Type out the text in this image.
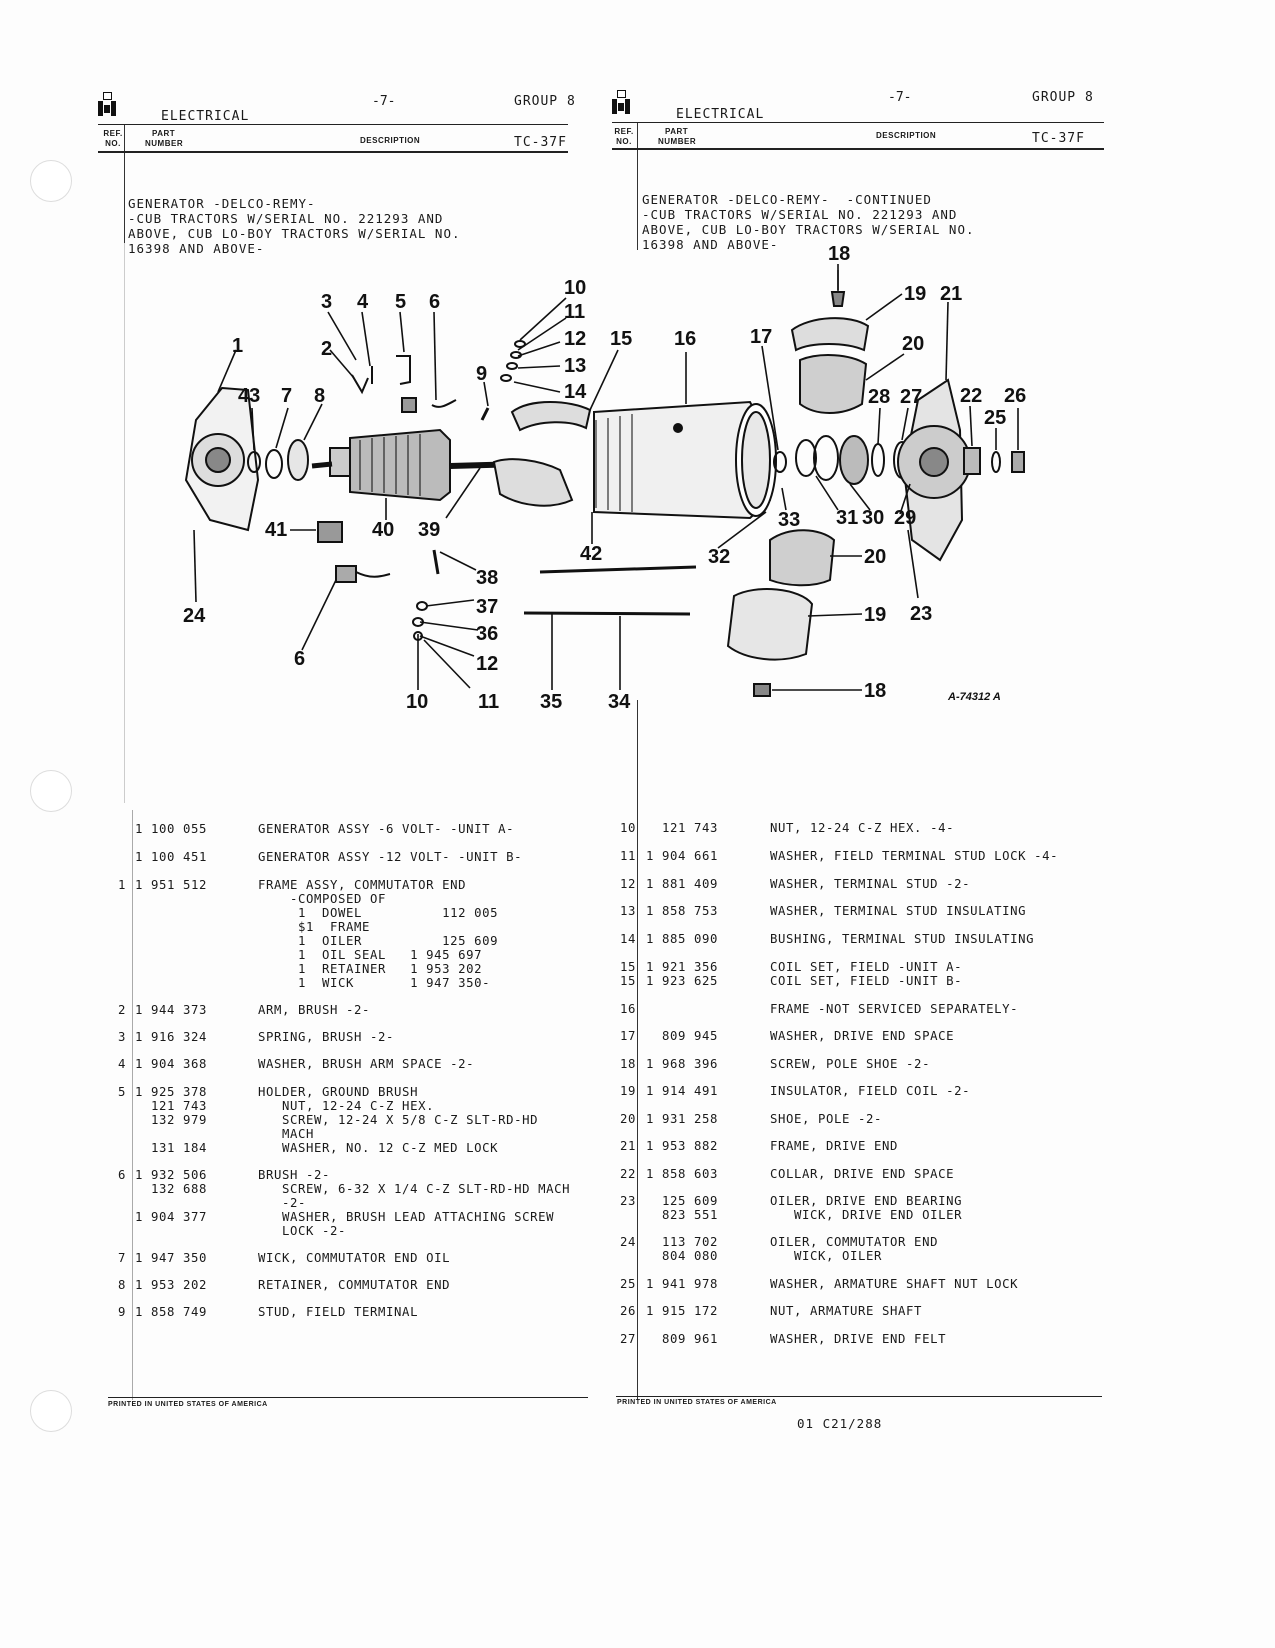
ELECTRICAL
-7-	GROUP 8
REF.
NO.
PART
NUMBER	DESCRIPTION	TC-37F
ELECTRICAL
-7-	GROUP 8
REF.
NO.
PART
NUMBER
DESCRIPTION	TC-37F

GENERATOR -DELCO-REMY-
-CUB TRACTORS W/SERIAL NO. 221293 AND
ABOVE, CUB LO-BOY TRACTORS W/SERIAL NO.
16398 AND ABOVE-

GENERATOR -DELCO-REMY-  -CONTINUED
-CUB TRACTORS W/SERIAL NO. 221293 AND
ABOVE, CUB LO-BOY TRACTORS W/SERIAL NO.
16398 AND ABOVE-

1	2
3 4 5 6
6
7 8
9
10
10
11
11
12
12
13
14
15 16	17
18
18
19
19
20
20
21
22
23
24
25
26
27
28
29
30
31
32
33
34
35
36
37
38
39
40
41
42
43
A-74312 A
1 100 055	GENERATOR ASSY -6 VOLT- -UNIT A-
1 100 451	GENERATOR ASSY -12 VOLT- -UNIT B-
1 1 951 512	FRAME ASSY, COMMUTATOR END
-COMPOSED OF
1  DOWEL          112 005
$1  FRAME
1  OILER          125 609
1  OIL SEAL   1 945 697
1  RETAINER   1 953 202
1  WICK       1 947 350-
2 1 944 373	ARM, BRUSH -2-
3 1 916 324	SPRING, BRUSH -2-
4 1 904 368	WASHER, BRUSH ARM SPACE -2-
5 1 925 378	HOLDER, GROUND BRUSH
121 743	NUT, 12-24 C-Z HEX.
132 979	SCREW, 12-24 X 5/8 C-Z SLT-RD-HD
MACH
131 184	WASHER, NO. 12 C-Z MED LOCK
6 1 932 506	BRUSH -2-
132 688	SCREW, 6-32 X 1/4 C-Z SLT-RD-HD MACH
-2-
1 904 377	WASHER, BRUSH LEAD ATTACHING SCREW
LOCK -2-
7 1 947 350	WICK, COMMUTATOR END OIL
8 1 953 202	RETAINER, COMMUTATOR END
9 1 858 749	STUD, FIELD TERMINAL
10 121 743	NUT, 12-24 C-Z HEX. -4-
11 1 904 661	WASHER, FIELD TERMINAL STUD LOCK -4-
12 1 881 409	WASHER, TERMINAL STUD -2-
13 1 858 753	WASHER, TERMINAL STUD INSULATING
14 1 885 090	BUSHING, TERMINAL STUD INSULATING
15 1 921 356	COIL SET, FIELD -UNIT A-
15 1 923 625	COIL SET, FIELD -UNIT B-
16	FRAME -NOT SERVICED SEPARATELY-
17 809 945	WASHER, DRIVE END SPACE
18 1 968 396	SCREW, POLE SHOE -2-
19 1 914 491	INSULATOR, FIELD COIL -2-
20 1 931 258	SHOE, POLE -2-
21 1 953 882	FRAME, DRIVE END
22 1 858 603	COLLAR, DRIVE END SPACE
23 125 609	OILER, DRIVE END BEARING
823 551	WICK, DRIVE END OILER
24 113 702	OILER, COMMUTATOR END
804 080	WICK, OILER
25 1 941 978	WASHER, ARMATURE SHAFT NUT LOCK
26 1 915 172	NUT, ARMATURE SHAFT
27 809 961	WASHER, DRIVE END FELT
PRINTED IN UNITED STATES OF AMERICA	PRINTED IN UNITED STATES OF AMERICA
01 C21/288
